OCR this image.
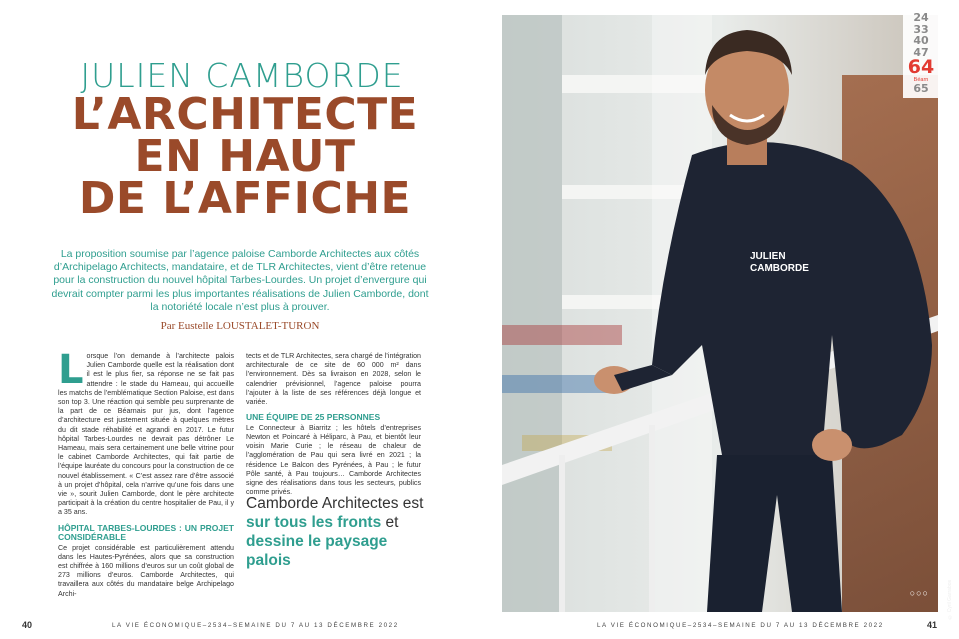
JULIEN CAMBORDE
L’ARCHITECTE
EN HAUT
DE L’AFFICHE
La proposition soumise par l’agence paloise Camborde Architectes aux côtés d’Archipelago Architects, mandataire, et de TLR Architectes, vient d’être retenue pour la construction du nouvel hôpital Tarbes-Lourdes. Un projet d’envergure qui devrait compter parmi les plus importantes réalisations de Julien Camborde, dont la notoriété locale n’est plus à prouver.
Par Eustelle LOUSTALET-TURON
L orsque l’on demande à l’architecte palois Julien Camborde quelle est la réalisation dont il est le plus fier, sa réponse ne se fait pas attendre : le stade du Hameau, qui accueille les matchs de l’emblématique Section Paloise, est dans son top 3. Une réaction qui semble peu surprenante de la part de ce Béarnais pur jus, dont l’agence d’architecture est justement située à quelques mètres du dit stade réhabilité et agrandi en 2017. Le futur hôpital Tarbes-Lourdes ne devrait pas détrôner Le Hameau, mais sera certainement une belle vitrine pour le cabinet Camborde Architectes, qui fait partie de l’équipe lauréate du concours pour la construction de ce nouvel établissement. « C’est assez rare d’être associé à un projet d’hôpital, cela n’arrive qu’une fois dans une vie », sourit Julien Camborde, dont le père architecte participait à la création du centre hospitalier de Pau, il y a 35 ans.

HÔPITAL TARBES-LOURDES : UN PROJET CONSIDÉRABLE

Ce projet considérable est particulièrement attendu dans les Hautes-Pyrénées, alors que sa construction est chiffrée à 160 millions d’euros sur un coût global de 273 millions d’euros. Camborde Architectes, qui travaillera aux côtés du mandataire belge Archipelago Archi-

tects et de TLR Architectes, sera chargé de l’intégration architecturale de ce site de 60 000 m² dans l’environnement. Dès sa livraison en 2028, selon le calendrier prévisionnel, l’agence paloise pourra l’ajouter à la liste de ses références déjà longue et variée.

UNE ÉQUIPE DE 25 PERSONNES

Le Connecteur à Biarritz ; les hôtels d’entreprises Newton et Poincaré à Héliparc, à Pau, et bientôt leur voisin Marie Curie ; le réseau de chaleur de l’agglomération de Pau qui sera livré en 2021 ; la résidence Le Balcon des Pyrénées, à Pau ; le futur Pôle santé, à Pau toujours… Camborde Architectes signe des réalisations dans tous les secteurs, publics comme privés.

Camborde Architectes est sur tous les fronts et dessine le paysage palois
40	LA VIE ÉCONOMIQUE–2534–SEMAINE DU 7 AU 13 DÉCEMBRE 2022
JULIEN
CAMBORDE
24
33
40
47
64
Béarn
65
○○○	© Cyril Garrabos
41
LA VIE ÉCONOMIQUE–2534–SEMAINE DU 7 AU 13 DÉCEMBRE 2022
